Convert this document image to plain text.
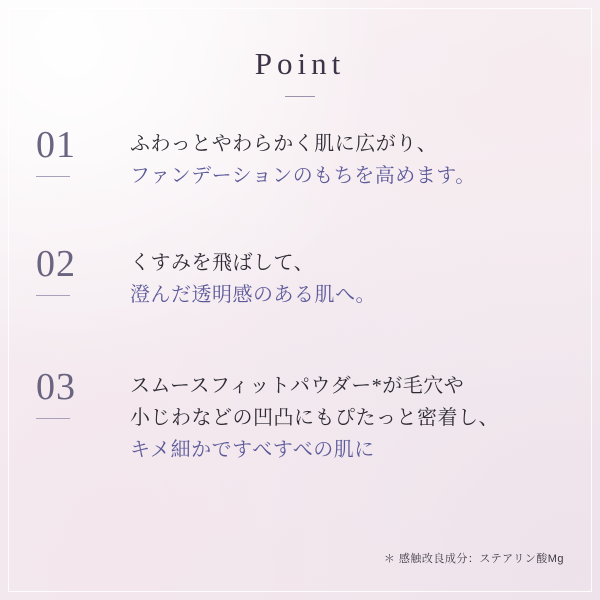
Point
01	ふわっとやわらかく肌に広がり、
ファンデーションのもちを高めます。
02	くすみを飛ばして、
澄んだ透明感のある肌へ。
03	スムースフィットパウダー*が毛穴や
小じわなどの凹凸にもぴたっと密着し、
キメ細かですべすべの肌に
＊ 感触改良成分：ステアリン酸Mg
